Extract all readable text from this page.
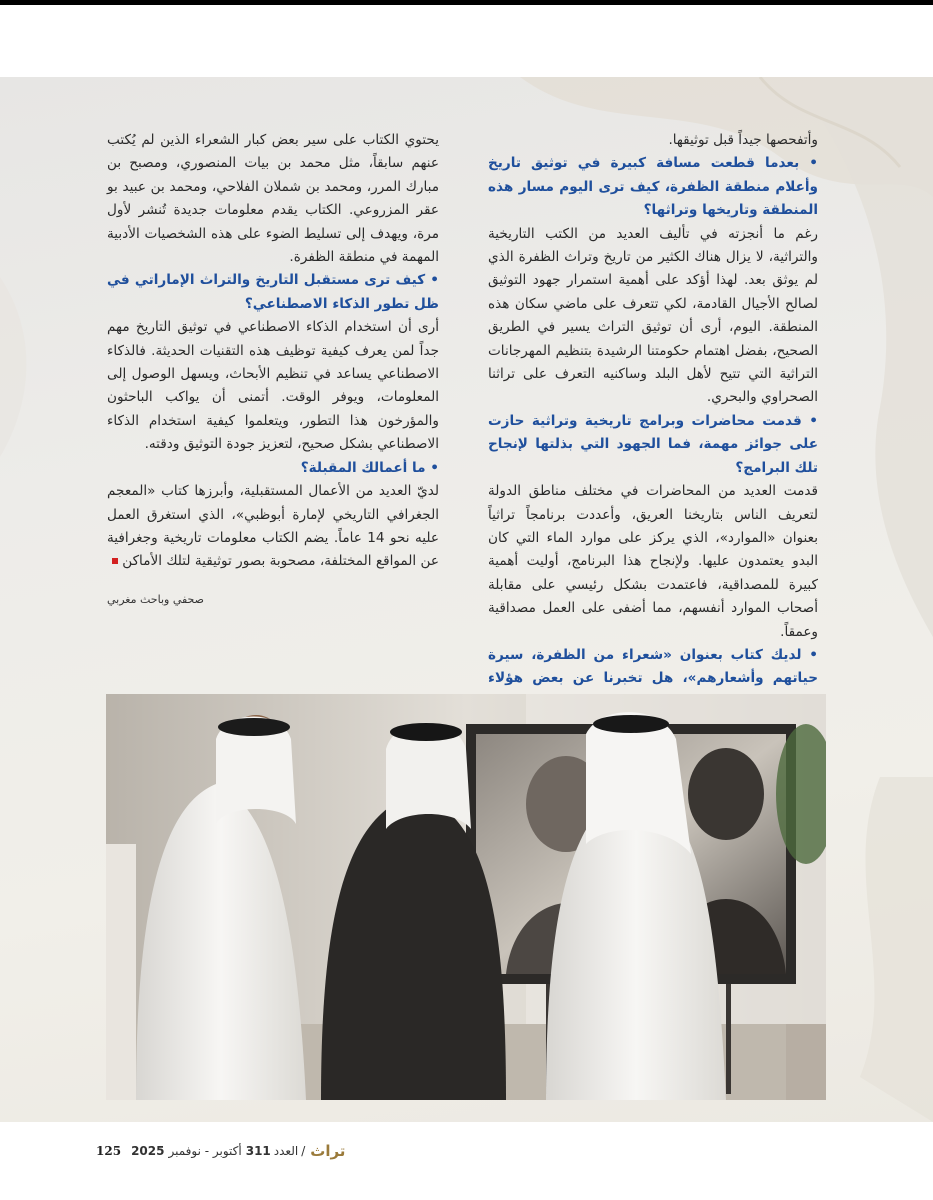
وأتفحصها جيداً قبل توثيقها.

• بعدما قطعت مسافة كبيرة في توثيق تاريخ وأعلام منطقة الظفرة، كيف ترى اليوم مسار هذه المنطقة وتاريخها وتراثها؟

رغم ما أنجزته في تأليف العديد من الكتب التاريخية والتراثية، لا يزال هناك الكثير من تاريخ وتراث الظفرة الذي لم يوثق بعد. لهذا أؤكد على أهمية استمرار جهود التوثيق لصالح الأجيال القادمة، لكي تتعرف على ماضي سكان هذه المنطقة. اليوم، أرى أن توثيق التراث يسير في الطريق الصحيح، بفضل اهتمام حكومتنا الرشيدة بتنظيم المهرجانات التراثية التي تتيح لأهل البلد وساكنيه التعرف على تراثنا الصحراوي والبحري.

• قدمت محاضرات وبرامج تاريخية وتراثية حازت على جوائز مهمة، فما الجهود التي بذلتها لإنجاح تلك البرامج؟

قدمت العديد من المحاضرات في مختلف مناطق الدولة لتعريف الناس بتاريخنا العريق، وأعددت برنامجاً تراثياً بعنوان «الموارد»، الذي يركز على موارد الماء التي كان البدو يعتمدون عليها. ولإنجاح هذا البرنامج، أوليت أهمية كبيرة للمصداقية، فاعتمدت بشكل رئيسي على مقابلة أصحاب الموارد أنفسهم، مما أضفى على العمل مصداقية وعمقاً.

• لديك كتاب بعنوان «شعراء من الظفرة، سيرة حياتهم وأشعارهم»، هل تخبرنا عن بعض هؤلاء

يحتوي الكتاب على سير بعض كبار الشعراء الذين لم يُكتب عنهم سابقاً، مثل محمد بن بيات المنصوري، ومصبح بن مبارك المرر، ومحمد بن شملان الفلاحي، ومحمد بن عبيد بو عقر المزروعي. الكتاب يقدم معلومات جديدة تُنشر لأول مرة، ويهدف إلى تسليط الضوء على هذه الشخصيات الأدبية المهمة في منطقة الظفرة.

• كيف ترى مستقبل التاريخ والتراث الإماراتي في ظل تطور الذكاء الاصطناعي؟

أرى أن استخدام الذكاء الاصطناعي في توثيق التاريخ مهم جداً لمن يعرف كيفية توظيف هذه التقنيات الحديثة. فالذكاء الاصطناعي يساعد في تنظيم الأبحاث، ويسهل الوصول إلى المعلومات، ويوفر الوقت. أتمنى أن يواكب الباحثون والمؤرخون هذا التطور، ويتعلموا كيفية استخدام الذكاء الاصطناعي بشكل صحيح، لتعزيز جودة التوثيق ودقته.

• ما أعمالك المقبلة؟

لديّ العديد من الأعمال المستقبلية، وأبرزها كتاب «المعجم الجغرافي التاريخي لإمارة أبوظبي»، الذي استغرق العمل عليه نحو 14 عاماً. يضم الكتاب معلومات تاريخية وجغرافية عن المواقع المختلفة، مصحوبة بصور توثيقية لتلك الأماكن

صحفي وباحث مغربي
125 2025 أكتوبر - نوفمبر 311 العدد / تراث
